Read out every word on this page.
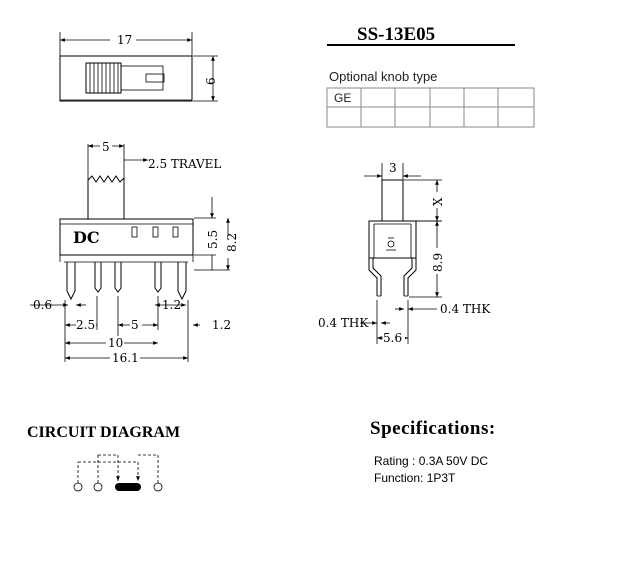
SS-13E05
Optional knob type
GE
17
6
5
2.5 TRAVEL
DC	5.5 8.2
0.6	1.2
2.5	5	1.2
10
16.1
3
X
8.9
0.4 THK
0.4 THK
5.6
CIRCUIT DIAGRAM	Specifications:
Rating : 0.3A 50V DC
Function: 1P3T
